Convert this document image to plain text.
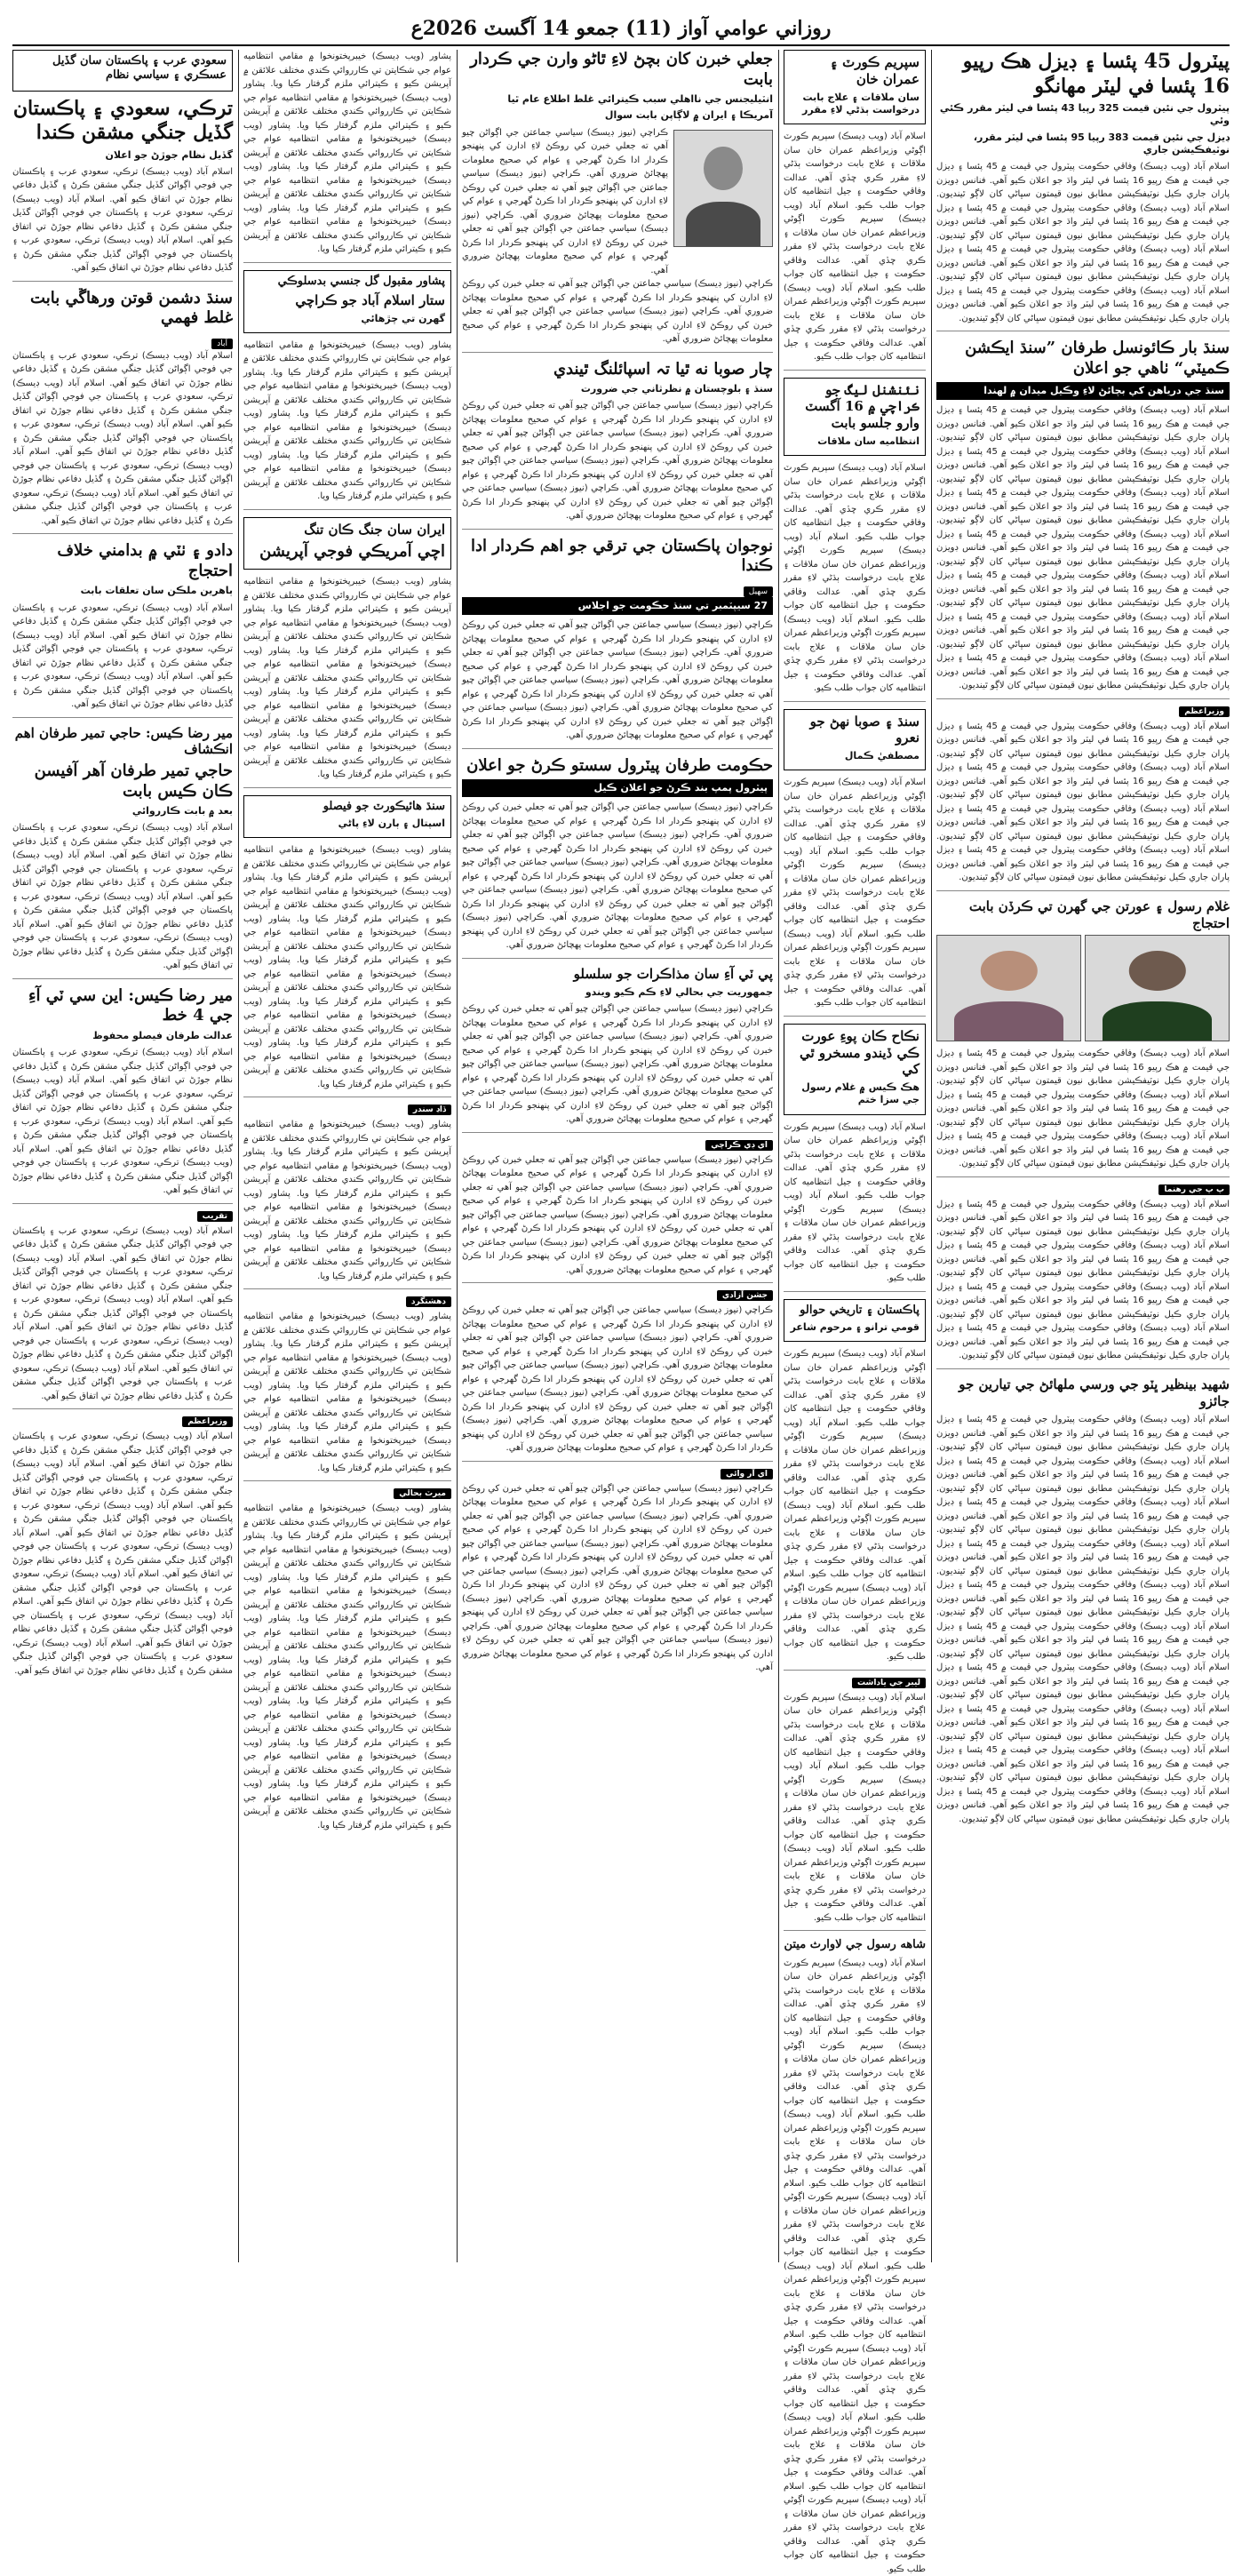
روزاني عوامي آواز (11) جمعو 14 آگسٽ 2026ع
سعودي عرب ۽ پاڪستان سان گڏيل عسڪري ۽ سياسي نظام
ترڪي، سعودي ۽ پاڪستان گڏيل جنگي مشقن ڪندا
گڏيل نظام جوڙڻ جو اعلان
اسلام آباد (ويب ڊيسڪ) ترڪي، سعودي عرب ۽ پاڪستان جي فوجي اڳواڻن گڏيل جنگي مشقن ڪرڻ ۽ گڏيل دفاعي نظام جوڙڻ تي اتفاق ڪيو آهي. اسلام آباد (ويب ڊيسڪ) ترڪي، سعودي عرب ۽ پاڪستان جي فوجي اڳواڻن گڏيل جنگي مشقن ڪرڻ ۽ گڏيل دفاعي نظام جوڙڻ تي اتفاق ڪيو آهي. اسلام آباد (ويب ڊيسڪ) ترڪي، سعودي عرب ۽ پاڪستان جي فوجي اڳواڻن گڏيل جنگي مشقن ڪرڻ ۽ گڏيل دفاعي نظام جوڙڻ تي اتفاق ڪيو آهي.
سنڌ دشمن قوتن ورهاڱي بابت غلط فهمي
آباد
اسلام آباد (ويب ڊيسڪ) ترڪي، سعودي عرب ۽ پاڪستان جي فوجي اڳواڻن گڏيل جنگي مشقن ڪرڻ ۽ گڏيل دفاعي نظام جوڙڻ تي اتفاق ڪيو آهي. اسلام آباد (ويب ڊيسڪ) ترڪي، سعودي عرب ۽ پاڪستان جي فوجي اڳواڻن گڏيل جنگي مشقن ڪرڻ ۽ گڏيل دفاعي نظام جوڙڻ تي اتفاق ڪيو آهي. اسلام آباد (ويب ڊيسڪ) ترڪي، سعودي عرب ۽ پاڪستان جي فوجي اڳواڻن گڏيل جنگي مشقن ڪرڻ ۽ گڏيل دفاعي نظام جوڙڻ تي اتفاق ڪيو آهي. اسلام آباد (ويب ڊيسڪ) ترڪي، سعودي عرب ۽ پاڪستان جي فوجي اڳواڻن گڏيل جنگي مشقن ڪرڻ ۽ گڏيل دفاعي نظام جوڙڻ تي اتفاق ڪيو آهي. اسلام آباد (ويب ڊيسڪ) ترڪي، سعودي عرب ۽ پاڪستان جي فوجي اڳواڻن گڏيل جنگي مشقن ڪرڻ ۽ گڏيل دفاعي نظام جوڙڻ تي اتفاق ڪيو آهي.
دادو ۽ ٺٽي ۾ بدامني خلاف احتجاج
ٻاهرين ملڪن سان تعلقات بابت
اسلام آباد (ويب ڊيسڪ) ترڪي، سعودي عرب ۽ پاڪستان جي فوجي اڳواڻن گڏيل جنگي مشقن ڪرڻ ۽ گڏيل دفاعي نظام جوڙڻ تي اتفاق ڪيو آهي. اسلام آباد (ويب ڊيسڪ) ترڪي، سعودي عرب ۽ پاڪستان جي فوجي اڳواڻن گڏيل جنگي مشقن ڪرڻ ۽ گڏيل دفاعي نظام جوڙڻ تي اتفاق ڪيو آهي. اسلام آباد (ويب ڊيسڪ) ترڪي، سعودي عرب ۽ پاڪستان جي فوجي اڳواڻن گڏيل جنگي مشقن ڪرڻ ۽ گڏيل دفاعي نظام جوڙڻ تي اتفاق ڪيو آهي.
مير رضا ڪيس: حاجي تمير طرفان اهم انڪشاف
حاجي تمير طرفان آهر آفيسن ڪان ڪيس بابت
بعد ۾ بابت ڪارروائي
اسلام آباد (ويب ڊيسڪ) ترڪي، سعودي عرب ۽ پاڪستان جي فوجي اڳواڻن گڏيل جنگي مشقن ڪرڻ ۽ گڏيل دفاعي نظام جوڙڻ تي اتفاق ڪيو آهي. اسلام آباد (ويب ڊيسڪ) ترڪي، سعودي عرب ۽ پاڪستان جي فوجي اڳواڻن گڏيل جنگي مشقن ڪرڻ ۽ گڏيل دفاعي نظام جوڙڻ تي اتفاق ڪيو آهي. اسلام آباد (ويب ڊيسڪ) ترڪي، سعودي عرب ۽ پاڪستان جي فوجي اڳواڻن گڏيل جنگي مشقن ڪرڻ ۽ گڏيل دفاعي نظام جوڙڻ تي اتفاق ڪيو آهي. اسلام آباد (ويب ڊيسڪ) ترڪي، سعودي عرب ۽ پاڪستان جي فوجي اڳواڻن گڏيل جنگي مشقن ڪرڻ ۽ گڏيل دفاعي نظام جوڙڻ تي اتفاق ڪيو آهي.
مير رضا ڪيس: اين سي ٽي آءِ جي 4 خط
عدالت طرفان فيصلو محفوظ
اسلام آباد (ويب ڊيسڪ) ترڪي، سعودي عرب ۽ پاڪستان جي فوجي اڳواڻن گڏيل جنگي مشقن ڪرڻ ۽ گڏيل دفاعي نظام جوڙڻ تي اتفاق ڪيو آهي. اسلام آباد (ويب ڊيسڪ) ترڪي، سعودي عرب ۽ پاڪستان جي فوجي اڳواڻن گڏيل جنگي مشقن ڪرڻ ۽ گڏيل دفاعي نظام جوڙڻ تي اتفاق ڪيو آهي. اسلام آباد (ويب ڊيسڪ) ترڪي، سعودي عرب ۽ پاڪستان جي فوجي اڳواڻن گڏيل جنگي مشقن ڪرڻ ۽ گڏيل دفاعي نظام جوڙڻ تي اتفاق ڪيو آهي. اسلام آباد (ويب ڊيسڪ) ترڪي، سعودي عرب ۽ پاڪستان جي فوجي اڳواڻن گڏيل جنگي مشقن ڪرڻ ۽ گڏيل دفاعي نظام جوڙڻ تي اتفاق ڪيو آهي.
تقريب
اسلام آباد (ويب ڊيسڪ) ترڪي، سعودي عرب ۽ پاڪستان جي فوجي اڳواڻن گڏيل جنگي مشقن ڪرڻ ۽ گڏيل دفاعي نظام جوڙڻ تي اتفاق ڪيو آهي. اسلام آباد (ويب ڊيسڪ) ترڪي، سعودي عرب ۽ پاڪستان جي فوجي اڳواڻن گڏيل جنگي مشقن ڪرڻ ۽ گڏيل دفاعي نظام جوڙڻ تي اتفاق ڪيو آهي. اسلام آباد (ويب ڊيسڪ) ترڪي، سعودي عرب ۽ پاڪستان جي فوجي اڳواڻن گڏيل جنگي مشقن ڪرڻ ۽ گڏيل دفاعي نظام جوڙڻ تي اتفاق ڪيو آهي. اسلام آباد (ويب ڊيسڪ) ترڪي، سعودي عرب ۽ پاڪستان جي فوجي اڳواڻن گڏيل جنگي مشقن ڪرڻ ۽ گڏيل دفاعي نظام جوڙڻ تي اتفاق ڪيو آهي. اسلام آباد (ويب ڊيسڪ) ترڪي، سعودي عرب ۽ پاڪستان جي فوجي اڳواڻن گڏيل جنگي مشقن ڪرڻ ۽ گڏيل دفاعي نظام جوڙڻ تي اتفاق ڪيو آهي.
وزيراعظم
اسلام آباد (ويب ڊيسڪ) ترڪي، سعودي عرب ۽ پاڪستان جي فوجي اڳواڻن گڏيل جنگي مشقن ڪرڻ ۽ گڏيل دفاعي نظام جوڙڻ تي اتفاق ڪيو آهي. اسلام آباد (ويب ڊيسڪ) ترڪي، سعودي عرب ۽ پاڪستان جي فوجي اڳواڻن گڏيل جنگي مشقن ڪرڻ ۽ گڏيل دفاعي نظام جوڙڻ تي اتفاق ڪيو آهي. اسلام آباد (ويب ڊيسڪ) ترڪي، سعودي عرب ۽ پاڪستان جي فوجي اڳواڻن گڏيل جنگي مشقن ڪرڻ ۽ گڏيل دفاعي نظام جوڙڻ تي اتفاق ڪيو آهي. اسلام آباد (ويب ڊيسڪ) ترڪي، سعودي عرب ۽ پاڪستان جي فوجي اڳواڻن گڏيل جنگي مشقن ڪرڻ ۽ گڏيل دفاعي نظام جوڙڻ تي اتفاق ڪيو آهي. اسلام آباد (ويب ڊيسڪ) ترڪي، سعودي عرب ۽ پاڪستان جي فوجي اڳواڻن گڏيل جنگي مشقن ڪرڻ ۽ گڏيل دفاعي نظام جوڙڻ تي اتفاق ڪيو آهي. اسلام آباد (ويب ڊيسڪ) ترڪي، سعودي عرب ۽ پاڪستان جي فوجي اڳواڻن گڏيل جنگي مشقن ڪرڻ ۽ گڏيل دفاعي نظام جوڙڻ تي اتفاق ڪيو آهي. اسلام آباد (ويب ڊيسڪ) ترڪي، سعودي عرب ۽ پاڪستان جي فوجي اڳواڻن گڏيل جنگي مشقن ڪرڻ ۽ گڏيل دفاعي نظام جوڙڻ تي اتفاق ڪيو آهي.
پشاور (ويب ڊيسڪ) خيبرپختونخوا ۾ مقامي انتظاميه عوام جي شڪايتن تي ڪارروائي ڪندي مختلف علائقن ۾ آپريشن ڪيو ۽ ڪيترائي ملزم گرفتار ڪيا ويا. پشاور (ويب ڊيسڪ) خيبرپختونخوا ۾ مقامي انتظاميه عوام جي شڪايتن تي ڪارروائي ڪندي مختلف علائقن ۾ آپريشن ڪيو ۽ ڪيترائي ملزم گرفتار ڪيا ويا. پشاور (ويب ڊيسڪ) خيبرپختونخوا ۾ مقامي انتظاميه عوام جي شڪايتن تي ڪارروائي ڪندي مختلف علائقن ۾ آپريشن ڪيو ۽ ڪيترائي ملزم گرفتار ڪيا ويا. پشاور (ويب ڊيسڪ) خيبرپختونخوا ۾ مقامي انتظاميه عوام جي شڪايتن تي ڪارروائي ڪندي مختلف علائقن ۾ آپريشن ڪيو ۽ ڪيترائي ملزم گرفتار ڪيا ويا. پشاور (ويب ڊيسڪ) خيبرپختونخوا ۾ مقامي انتظاميه عوام جي شڪايتن تي ڪارروائي ڪندي مختلف علائقن ۾ آپريشن ڪيو ۽ ڪيترائي ملزم گرفتار ڪيا ويا.
پشاور مقبول گل جنسي بدسلوڪي
ستار اسلام آباد جو ڪراچي
گهرن تي چڙهائي
پشاور (ويب ڊيسڪ) خيبرپختونخوا ۾ مقامي انتظاميه عوام جي شڪايتن تي ڪارروائي ڪندي مختلف علائقن ۾ آپريشن ڪيو ۽ ڪيترائي ملزم گرفتار ڪيا ويا. پشاور (ويب ڊيسڪ) خيبرپختونخوا ۾ مقامي انتظاميه عوام جي شڪايتن تي ڪارروائي ڪندي مختلف علائقن ۾ آپريشن ڪيو ۽ ڪيترائي ملزم گرفتار ڪيا ويا. پشاور (ويب ڊيسڪ) خيبرپختونخوا ۾ مقامي انتظاميه عوام جي شڪايتن تي ڪارروائي ڪندي مختلف علائقن ۾ آپريشن ڪيو ۽ ڪيترائي ملزم گرفتار ڪيا ويا. پشاور (ويب ڊيسڪ) خيبرپختونخوا ۾ مقامي انتظاميه عوام جي شڪايتن تي ڪارروائي ڪندي مختلف علائقن ۾ آپريشن ڪيو ۽ ڪيترائي ملزم گرفتار ڪيا ويا.
ايران سان جنگ ڪان تنگ
اچي آمريڪي فوجي آپريشن
پشاور (ويب ڊيسڪ) خيبرپختونخوا ۾ مقامي انتظاميه عوام جي شڪايتن تي ڪارروائي ڪندي مختلف علائقن ۾ آپريشن ڪيو ۽ ڪيترائي ملزم گرفتار ڪيا ويا. پشاور (ويب ڊيسڪ) خيبرپختونخوا ۾ مقامي انتظاميه عوام جي شڪايتن تي ڪارروائي ڪندي مختلف علائقن ۾ آپريشن ڪيو ۽ ڪيترائي ملزم گرفتار ڪيا ويا. پشاور (ويب ڊيسڪ) خيبرپختونخوا ۾ مقامي انتظاميه عوام جي شڪايتن تي ڪارروائي ڪندي مختلف علائقن ۾ آپريشن ڪيو ۽ ڪيترائي ملزم گرفتار ڪيا ويا. پشاور (ويب ڊيسڪ) خيبرپختونخوا ۾ مقامي انتظاميه عوام جي شڪايتن تي ڪارروائي ڪندي مختلف علائقن ۾ آپريشن ڪيو ۽ ڪيترائي ملزم گرفتار ڪيا ويا. پشاور (ويب ڊيسڪ) خيبرپختونخوا ۾ مقامي انتظاميه عوام جي شڪايتن تي ڪارروائي ڪندي مختلف علائقن ۾ آپريشن ڪيو ۽ ڪيترائي ملزم گرفتار ڪيا ويا.
سنڌ هائيڪورٽ جو فيصلو
اسپتال ۽ ٻارن لاءِ پاڻي
پشاور (ويب ڊيسڪ) خيبرپختونخوا ۾ مقامي انتظاميه عوام جي شڪايتن تي ڪارروائي ڪندي مختلف علائقن ۾ آپريشن ڪيو ۽ ڪيترائي ملزم گرفتار ڪيا ويا. پشاور (ويب ڊيسڪ) خيبرپختونخوا ۾ مقامي انتظاميه عوام جي شڪايتن تي ڪارروائي ڪندي مختلف علائقن ۾ آپريشن ڪيو ۽ ڪيترائي ملزم گرفتار ڪيا ويا. پشاور (ويب ڊيسڪ) خيبرپختونخوا ۾ مقامي انتظاميه عوام جي شڪايتن تي ڪارروائي ڪندي مختلف علائقن ۾ آپريشن ڪيو ۽ ڪيترائي ملزم گرفتار ڪيا ويا. پشاور (ويب ڊيسڪ) خيبرپختونخوا ۾ مقامي انتظاميه عوام جي شڪايتن تي ڪارروائي ڪندي مختلف علائقن ۾ آپريشن ڪيو ۽ ڪيترائي ملزم گرفتار ڪيا ويا. پشاور (ويب ڊيسڪ) خيبرپختونخوا ۾ مقامي انتظاميه عوام جي شڪايتن تي ڪارروائي ڪندي مختلف علائقن ۾ آپريشن ڪيو ۽ ڪيترائي ملزم گرفتار ڪيا ويا. پشاور (ويب ڊيسڪ) خيبرپختونخوا ۾ مقامي انتظاميه عوام جي شڪايتن تي ڪارروائي ڪندي مختلف علائقن ۾ آپريشن ڪيو ۽ ڪيترائي ملزم گرفتار ڪيا ويا.
ڏاڍ سندر
پشاور (ويب ڊيسڪ) خيبرپختونخوا ۾ مقامي انتظاميه عوام جي شڪايتن تي ڪارروائي ڪندي مختلف علائقن ۾ آپريشن ڪيو ۽ ڪيترائي ملزم گرفتار ڪيا ويا. پشاور (ويب ڊيسڪ) خيبرپختونخوا ۾ مقامي انتظاميه عوام جي شڪايتن تي ڪارروائي ڪندي مختلف علائقن ۾ آپريشن ڪيو ۽ ڪيترائي ملزم گرفتار ڪيا ويا. پشاور (ويب ڊيسڪ) خيبرپختونخوا ۾ مقامي انتظاميه عوام جي شڪايتن تي ڪارروائي ڪندي مختلف علائقن ۾ آپريشن ڪيو ۽ ڪيترائي ملزم گرفتار ڪيا ويا. پشاور (ويب ڊيسڪ) خيبرپختونخوا ۾ مقامي انتظاميه عوام جي شڪايتن تي ڪارروائي ڪندي مختلف علائقن ۾ آپريشن ڪيو ۽ ڪيترائي ملزم گرفتار ڪيا ويا.
دهشتگرد
پشاور (ويب ڊيسڪ) خيبرپختونخوا ۾ مقامي انتظاميه عوام جي شڪايتن تي ڪارروائي ڪندي مختلف علائقن ۾ آپريشن ڪيو ۽ ڪيترائي ملزم گرفتار ڪيا ويا. پشاور (ويب ڊيسڪ) خيبرپختونخوا ۾ مقامي انتظاميه عوام جي شڪايتن تي ڪارروائي ڪندي مختلف علائقن ۾ آپريشن ڪيو ۽ ڪيترائي ملزم گرفتار ڪيا ويا. پشاور (ويب ڊيسڪ) خيبرپختونخوا ۾ مقامي انتظاميه عوام جي شڪايتن تي ڪارروائي ڪندي مختلف علائقن ۾ آپريشن ڪيو ۽ ڪيترائي ملزم گرفتار ڪيا ويا. پشاور (ويب ڊيسڪ) خيبرپختونخوا ۾ مقامي انتظاميه عوام جي شڪايتن تي ڪارروائي ڪندي مختلف علائقن ۾ آپريشن ڪيو ۽ ڪيترائي ملزم گرفتار ڪيا ويا.
ميرٽ بحالي
پشاور (ويب ڊيسڪ) خيبرپختونخوا ۾ مقامي انتظاميه عوام جي شڪايتن تي ڪارروائي ڪندي مختلف علائقن ۾ آپريشن ڪيو ۽ ڪيترائي ملزم گرفتار ڪيا ويا. پشاور (ويب ڊيسڪ) خيبرپختونخوا ۾ مقامي انتظاميه عوام جي شڪايتن تي ڪارروائي ڪندي مختلف علائقن ۾ آپريشن ڪيو ۽ ڪيترائي ملزم گرفتار ڪيا ويا. پشاور (ويب ڊيسڪ) خيبرپختونخوا ۾ مقامي انتظاميه عوام جي شڪايتن تي ڪارروائي ڪندي مختلف علائقن ۾ آپريشن ڪيو ۽ ڪيترائي ملزم گرفتار ڪيا ويا. پشاور (ويب ڊيسڪ) خيبرپختونخوا ۾ مقامي انتظاميه عوام جي شڪايتن تي ڪارروائي ڪندي مختلف علائقن ۾ آپريشن ڪيو ۽ ڪيترائي ملزم گرفتار ڪيا ويا. پشاور (ويب ڊيسڪ) خيبرپختونخوا ۾ مقامي انتظاميه عوام جي شڪايتن تي ڪارروائي ڪندي مختلف علائقن ۾ آپريشن ڪيو ۽ ڪيترائي ملزم گرفتار ڪيا ويا. پشاور (ويب ڊيسڪ) خيبرپختونخوا ۾ مقامي انتظاميه عوام جي شڪايتن تي ڪارروائي ڪندي مختلف علائقن ۾ آپريشن ڪيو ۽ ڪيترائي ملزم گرفتار ڪيا ويا. پشاور (ويب ڊيسڪ) خيبرپختونخوا ۾ مقامي انتظاميه عوام جي شڪايتن تي ڪارروائي ڪندي مختلف علائقن ۾ آپريشن ڪيو ۽ ڪيترائي ملزم گرفتار ڪيا ويا. پشاور (ويب ڊيسڪ) خيبرپختونخوا ۾ مقامي انتظاميه عوام جي شڪايتن تي ڪارروائي ڪندي مختلف علائقن ۾ آپريشن ڪيو ۽ ڪيترائي ملزم گرفتار ڪيا ويا.
جعلي خبرن کان بچڻ لاءِ ٿاڻو وارن جي ڪردار بابت
انٽيليجنس جي نااهلي سبب ڪيترائي غلط اطلاع عام ٿيا
آمريڪا ۽ ايران ۾ لاڳاپن بابت سوال
ڪراچي (نيوز ڊيسڪ) سياسي جماعتن جي اڳواڻن چيو آهي ته جعلي خبرن کي روڪڻ لاءِ ادارن کي پنهنجو ڪردار ادا ڪرڻ گهرجي ۽ عوام کي صحيح معلومات پهچائڻ ضروري آهي. ڪراچي (نيوز ڊيسڪ) سياسي جماعتن جي اڳواڻن چيو آهي ته جعلي خبرن کي روڪڻ لاءِ ادارن کي پنهنجو ڪردار ادا ڪرڻ گهرجي ۽ عوام کي صحيح معلومات پهچائڻ ضروري آهي. ڪراچي (نيوز ڊيسڪ) سياسي جماعتن جي اڳواڻن چيو آهي ته جعلي خبرن کي روڪڻ لاءِ ادارن کي پنهنجو ڪردار ادا ڪرڻ گهرجي ۽ عوام کي صحيح معلومات پهچائڻ ضروري آهي.
ڪراچي (نيوز ڊيسڪ) سياسي جماعتن جي اڳواڻن چيو آهي ته جعلي خبرن کي روڪڻ لاءِ ادارن کي پنهنجو ڪردار ادا ڪرڻ گهرجي ۽ عوام کي صحيح معلومات پهچائڻ ضروري آهي. ڪراچي (نيوز ڊيسڪ) سياسي جماعتن جي اڳواڻن چيو آهي ته جعلي خبرن کي روڪڻ لاءِ ادارن کي پنهنجو ڪردار ادا ڪرڻ گهرجي ۽ عوام کي صحيح معلومات پهچائڻ ضروري آهي.
چار صوبا نه ٿيا تہ اسپائلنگ ٿيندي
سنڌ ۽ بلوچستان ۾ نظرثاني جي ضرورت
ڪراچي (نيوز ڊيسڪ) سياسي جماعتن جي اڳواڻن چيو آهي ته جعلي خبرن کي روڪڻ لاءِ ادارن کي پنهنجو ڪردار ادا ڪرڻ گهرجي ۽ عوام کي صحيح معلومات پهچائڻ ضروري آهي. ڪراچي (نيوز ڊيسڪ) سياسي جماعتن جي اڳواڻن چيو آهي ته جعلي خبرن کي روڪڻ لاءِ ادارن کي پنهنجو ڪردار ادا ڪرڻ گهرجي ۽ عوام کي صحيح معلومات پهچائڻ ضروري آهي. ڪراچي (نيوز ڊيسڪ) سياسي جماعتن جي اڳواڻن چيو آهي ته جعلي خبرن کي روڪڻ لاءِ ادارن کي پنهنجو ڪردار ادا ڪرڻ گهرجي ۽ عوام کي صحيح معلومات پهچائڻ ضروري آهي. ڪراچي (نيوز ڊيسڪ) سياسي جماعتن جي اڳواڻن چيو آهي ته جعلي خبرن کي روڪڻ لاءِ ادارن کي پنهنجو ڪردار ادا ڪرڻ گهرجي ۽ عوام کي صحيح معلومات پهچائڻ ضروري آهي.
نوجوان پاڪستان جي ترقي جو اهم ڪردار ادا ڪندا
سهيل
27 سيپٽمبر تي سنڌ حڪومت جو اجلاس
ڪراچي (نيوز ڊيسڪ) سياسي جماعتن جي اڳواڻن چيو آهي ته جعلي خبرن کي روڪڻ لاءِ ادارن کي پنهنجو ڪردار ادا ڪرڻ گهرجي ۽ عوام کي صحيح معلومات پهچائڻ ضروري آهي. ڪراچي (نيوز ڊيسڪ) سياسي جماعتن جي اڳواڻن چيو آهي ته جعلي خبرن کي روڪڻ لاءِ ادارن کي پنهنجو ڪردار ادا ڪرڻ گهرجي ۽ عوام کي صحيح معلومات پهچائڻ ضروري آهي. ڪراچي (نيوز ڊيسڪ) سياسي جماعتن جي اڳواڻن چيو آهي ته جعلي خبرن کي روڪڻ لاءِ ادارن کي پنهنجو ڪردار ادا ڪرڻ گهرجي ۽ عوام کي صحيح معلومات پهچائڻ ضروري آهي. ڪراچي (نيوز ڊيسڪ) سياسي جماعتن جي اڳواڻن چيو آهي ته جعلي خبرن کي روڪڻ لاءِ ادارن کي پنهنجو ڪردار ادا ڪرڻ گهرجي ۽ عوام کي صحيح معلومات پهچائڻ ضروري آهي.
حڪومت طرفان پيٽرول سستو ڪرڻ جو اعلان
پيٽرول پمپ بند ڪرڻ جو اعلان ڪيل
ڪراچي (نيوز ڊيسڪ) سياسي جماعتن جي اڳواڻن چيو آهي ته جعلي خبرن کي روڪڻ لاءِ ادارن کي پنهنجو ڪردار ادا ڪرڻ گهرجي ۽ عوام کي صحيح معلومات پهچائڻ ضروري آهي. ڪراچي (نيوز ڊيسڪ) سياسي جماعتن جي اڳواڻن چيو آهي ته جعلي خبرن کي روڪڻ لاءِ ادارن کي پنهنجو ڪردار ادا ڪرڻ گهرجي ۽ عوام کي صحيح معلومات پهچائڻ ضروري آهي. ڪراچي (نيوز ڊيسڪ) سياسي جماعتن جي اڳواڻن چيو آهي ته جعلي خبرن کي روڪڻ لاءِ ادارن کي پنهنجو ڪردار ادا ڪرڻ گهرجي ۽ عوام کي صحيح معلومات پهچائڻ ضروري آهي. ڪراچي (نيوز ڊيسڪ) سياسي جماعتن جي اڳواڻن چيو آهي ته جعلي خبرن کي روڪڻ لاءِ ادارن کي پنهنجو ڪردار ادا ڪرڻ گهرجي ۽ عوام کي صحيح معلومات پهچائڻ ضروري آهي. ڪراچي (نيوز ڊيسڪ) سياسي جماعتن جي اڳواڻن چيو آهي ته جعلي خبرن کي روڪڻ لاءِ ادارن کي پنهنجو ڪردار ادا ڪرڻ گهرجي ۽ عوام کي صحيح معلومات پهچائڻ ضروري آهي.
پي ٽي آءِ سان مذاڪرات جو سلسلو
جمهوريت جي بحالي لاءِ ڪم ڪيو ويندو
ڪراچي (نيوز ڊيسڪ) سياسي جماعتن جي اڳواڻن چيو آهي ته جعلي خبرن کي روڪڻ لاءِ ادارن کي پنهنجو ڪردار ادا ڪرڻ گهرجي ۽ عوام کي صحيح معلومات پهچائڻ ضروري آهي. ڪراچي (نيوز ڊيسڪ) سياسي جماعتن جي اڳواڻن چيو آهي ته جعلي خبرن کي روڪڻ لاءِ ادارن کي پنهنجو ڪردار ادا ڪرڻ گهرجي ۽ عوام کي صحيح معلومات پهچائڻ ضروري آهي. ڪراچي (نيوز ڊيسڪ) سياسي جماعتن جي اڳواڻن چيو آهي ته جعلي خبرن کي روڪڻ لاءِ ادارن کي پنهنجو ڪردار ادا ڪرڻ گهرجي ۽ عوام کي صحيح معلومات پهچائڻ ضروري آهي. ڪراچي (نيوز ڊيسڪ) سياسي جماعتن جي اڳواڻن چيو آهي ته جعلي خبرن کي روڪڻ لاءِ ادارن کي پنهنجو ڪردار ادا ڪرڻ گهرجي ۽ عوام کي صحيح معلومات پهچائڻ ضروري آهي.
اي ڊي ڪراچي
ڪراچي (نيوز ڊيسڪ) سياسي جماعتن جي اڳواڻن چيو آهي ته جعلي خبرن کي روڪڻ لاءِ ادارن کي پنهنجو ڪردار ادا ڪرڻ گهرجي ۽ عوام کي صحيح معلومات پهچائڻ ضروري آهي. ڪراچي (نيوز ڊيسڪ) سياسي جماعتن جي اڳواڻن چيو آهي ته جعلي خبرن کي روڪڻ لاءِ ادارن کي پنهنجو ڪردار ادا ڪرڻ گهرجي ۽ عوام کي صحيح معلومات پهچائڻ ضروري آهي. ڪراچي (نيوز ڊيسڪ) سياسي جماعتن جي اڳواڻن چيو آهي ته جعلي خبرن کي روڪڻ لاءِ ادارن کي پنهنجو ڪردار ادا ڪرڻ گهرجي ۽ عوام کي صحيح معلومات پهچائڻ ضروري آهي. ڪراچي (نيوز ڊيسڪ) سياسي جماعتن جي اڳواڻن چيو آهي ته جعلي خبرن کي روڪڻ لاءِ ادارن کي پنهنجو ڪردار ادا ڪرڻ گهرجي ۽ عوام کي صحيح معلومات پهچائڻ ضروري آهي.
جشن آزادي
ڪراچي (نيوز ڊيسڪ) سياسي جماعتن جي اڳواڻن چيو آهي ته جعلي خبرن کي روڪڻ لاءِ ادارن کي پنهنجو ڪردار ادا ڪرڻ گهرجي ۽ عوام کي صحيح معلومات پهچائڻ ضروري آهي. ڪراچي (نيوز ڊيسڪ) سياسي جماعتن جي اڳواڻن چيو آهي ته جعلي خبرن کي روڪڻ لاءِ ادارن کي پنهنجو ڪردار ادا ڪرڻ گهرجي ۽ عوام کي صحيح معلومات پهچائڻ ضروري آهي. ڪراچي (نيوز ڊيسڪ) سياسي جماعتن جي اڳواڻن چيو آهي ته جعلي خبرن کي روڪڻ لاءِ ادارن کي پنهنجو ڪردار ادا ڪرڻ گهرجي ۽ عوام کي صحيح معلومات پهچائڻ ضروري آهي. ڪراچي (نيوز ڊيسڪ) سياسي جماعتن جي اڳواڻن چيو آهي ته جعلي خبرن کي روڪڻ لاءِ ادارن کي پنهنجو ڪردار ادا ڪرڻ گهرجي ۽ عوام کي صحيح معلومات پهچائڻ ضروري آهي. ڪراچي (نيوز ڊيسڪ) سياسي جماعتن جي اڳواڻن چيو آهي ته جعلي خبرن کي روڪڻ لاءِ ادارن کي پنهنجو ڪردار ادا ڪرڻ گهرجي ۽ عوام کي صحيح معلومات پهچائڻ ضروري آهي.
اي آر وائي
ڪراچي (نيوز ڊيسڪ) سياسي جماعتن جي اڳواڻن چيو آهي ته جعلي خبرن کي روڪڻ لاءِ ادارن کي پنهنجو ڪردار ادا ڪرڻ گهرجي ۽ عوام کي صحيح معلومات پهچائڻ ضروري آهي. ڪراچي (نيوز ڊيسڪ) سياسي جماعتن جي اڳواڻن چيو آهي ته جعلي خبرن کي روڪڻ لاءِ ادارن کي پنهنجو ڪردار ادا ڪرڻ گهرجي ۽ عوام کي صحيح معلومات پهچائڻ ضروري آهي. ڪراچي (نيوز ڊيسڪ) سياسي جماعتن جي اڳواڻن چيو آهي ته جعلي خبرن کي روڪڻ لاءِ ادارن کي پنهنجو ڪردار ادا ڪرڻ گهرجي ۽ عوام کي صحيح معلومات پهچائڻ ضروري آهي. ڪراچي (نيوز ڊيسڪ) سياسي جماعتن جي اڳواڻن چيو آهي ته جعلي خبرن کي روڪڻ لاءِ ادارن کي پنهنجو ڪردار ادا ڪرڻ گهرجي ۽ عوام کي صحيح معلومات پهچائڻ ضروري آهي. ڪراچي (نيوز ڊيسڪ) سياسي جماعتن جي اڳواڻن چيو آهي ته جعلي خبرن کي روڪڻ لاءِ ادارن کي پنهنجو ڪردار ادا ڪرڻ گهرجي ۽ عوام کي صحيح معلومات پهچائڻ ضروري آهي. ڪراچي (نيوز ڊيسڪ) سياسي جماعتن جي اڳواڻن چيو آهي ته جعلي خبرن کي روڪڻ لاءِ ادارن کي پنهنجو ڪردار ادا ڪرڻ گهرجي ۽ عوام کي صحيح معلومات پهچائڻ ضروري آهي.
سپريم ڪورٽ ۽ عمران خان
سان ملاقات ۽ علاج بابت درخواست ٻڌڻي لاءِ مقرر
اسلام آباد (ويب ڊيسڪ) سپريم ڪورٽ اڳوڻي وزيراعظم عمران خان سان ملاقات ۽ علاج بابت درخواست ٻڌڻي لاءِ مقرر ڪري ڇڏي آهي. عدالت وفاقي حڪومت ۽ جيل انتظاميه کان جواب طلب ڪيو. اسلام آباد (ويب ڊيسڪ) سپريم ڪورٽ اڳوڻي وزيراعظم عمران خان سان ملاقات ۽ علاج بابت درخواست ٻڌڻي لاءِ مقرر ڪري ڇڏي آهي. عدالت وفاقي حڪومت ۽ جيل انتظاميه کان جواب طلب ڪيو. اسلام آباد (ويب ڊيسڪ) سپريم ڪورٽ اڳوڻي وزيراعظم عمران خان سان ملاقات ۽ علاج بابت درخواست ٻڌڻي لاءِ مقرر ڪري ڇڏي آهي. عدالت وفاقي حڪومت ۽ جيل انتظاميه کان جواب طلب ڪيو.
نئنشنل ليگ جو ڪراچي ۾ 16 آگسٽ وارو جلسو بابت
انتظاميه سان ملاقات
اسلام آباد (ويب ڊيسڪ) سپريم ڪورٽ اڳوڻي وزيراعظم عمران خان سان ملاقات ۽ علاج بابت درخواست ٻڌڻي لاءِ مقرر ڪري ڇڏي آهي. عدالت وفاقي حڪومت ۽ جيل انتظاميه کان جواب طلب ڪيو. اسلام آباد (ويب ڊيسڪ) سپريم ڪورٽ اڳوڻي وزيراعظم عمران خان سان ملاقات ۽ علاج بابت درخواست ٻڌڻي لاءِ مقرر ڪري ڇڏي آهي. عدالت وفاقي حڪومت ۽ جيل انتظاميه کان جواب طلب ڪيو. اسلام آباد (ويب ڊيسڪ) سپريم ڪورٽ اڳوڻي وزيراعظم عمران خان سان ملاقات ۽ علاج بابت درخواست ٻڌڻي لاءِ مقرر ڪري ڇڏي آهي. عدالت وفاقي حڪومت ۽ جيل انتظاميه کان جواب طلب ڪيو.
سنڌ ۽ صوبا نهڻ جو نعرو
مصطفيٰ ڪمال
اسلام آباد (ويب ڊيسڪ) سپريم ڪورٽ اڳوڻي وزيراعظم عمران خان سان ملاقات ۽ علاج بابت درخواست ٻڌڻي لاءِ مقرر ڪري ڇڏي آهي. عدالت وفاقي حڪومت ۽ جيل انتظاميه کان جواب طلب ڪيو. اسلام آباد (ويب ڊيسڪ) سپريم ڪورٽ اڳوڻي وزيراعظم عمران خان سان ملاقات ۽ علاج بابت درخواست ٻڌڻي لاءِ مقرر ڪري ڇڏي آهي. عدالت وفاقي حڪومت ۽ جيل انتظاميه کان جواب طلب ڪيو. اسلام آباد (ويب ڊيسڪ) سپريم ڪورٽ اڳوڻي وزيراعظم عمران خان سان ملاقات ۽ علاج بابت درخواست ٻڌڻي لاءِ مقرر ڪري ڇڏي آهي. عدالت وفاقي حڪومت ۽ جيل انتظاميه کان جواب طلب ڪيو.
نڪاح ڪان پوءِ عورت ڪي ڏيندو مسخرو ٿي کي
هڪ ڪيس ۾ غلام رسول جي سزا ختم
اسلام آباد (ويب ڊيسڪ) سپريم ڪورٽ اڳوڻي وزيراعظم عمران خان سان ملاقات ۽ علاج بابت درخواست ٻڌڻي لاءِ مقرر ڪري ڇڏي آهي. عدالت وفاقي حڪومت ۽ جيل انتظاميه کان جواب طلب ڪيو. اسلام آباد (ويب ڊيسڪ) سپريم ڪورٽ اڳوڻي وزيراعظم عمران خان سان ملاقات ۽ علاج بابت درخواست ٻڌڻي لاءِ مقرر ڪري ڇڏي آهي. عدالت وفاقي حڪومت ۽ جيل انتظاميه کان جواب طلب ڪيو.
پاڪستان ۽ تاريخي حوالو
قومي ترانو ۽ مرحوم شاعر
اسلام آباد (ويب ڊيسڪ) سپريم ڪورٽ اڳوڻي وزيراعظم عمران خان سان ملاقات ۽ علاج بابت درخواست ٻڌڻي لاءِ مقرر ڪري ڇڏي آهي. عدالت وفاقي حڪومت ۽ جيل انتظاميه کان جواب طلب ڪيو. اسلام آباد (ويب ڊيسڪ) سپريم ڪورٽ اڳوڻي وزيراعظم عمران خان سان ملاقات ۽ علاج بابت درخواست ٻڌڻي لاءِ مقرر ڪري ڇڏي آهي. عدالت وفاقي حڪومت ۽ جيل انتظاميه کان جواب طلب ڪيو. اسلام آباد (ويب ڊيسڪ) سپريم ڪورٽ اڳوڻي وزيراعظم عمران خان سان ملاقات ۽ علاج بابت درخواست ٻڌڻي لاءِ مقرر ڪري ڇڏي آهي. عدالت وفاقي حڪومت ۽ جيل انتظاميه کان جواب طلب ڪيو. اسلام آباد (ويب ڊيسڪ) سپريم ڪورٽ اڳوڻي وزيراعظم عمران خان سان ملاقات ۽ علاج بابت درخواست ٻڌڻي لاءِ مقرر ڪري ڇڏي آهي. عدالت وفاقي حڪومت ۽ جيل انتظاميه کان جواب طلب ڪيو.
ليبر جي ياداشت
اسلام آباد (ويب ڊيسڪ) سپريم ڪورٽ اڳوڻي وزيراعظم عمران خان سان ملاقات ۽ علاج بابت درخواست ٻڌڻي لاءِ مقرر ڪري ڇڏي آهي. عدالت وفاقي حڪومت ۽ جيل انتظاميه کان جواب طلب ڪيو. اسلام آباد (ويب ڊيسڪ) سپريم ڪورٽ اڳوڻي وزيراعظم عمران خان سان ملاقات ۽ علاج بابت درخواست ٻڌڻي لاءِ مقرر ڪري ڇڏي آهي. عدالت وفاقي حڪومت ۽ جيل انتظاميه کان جواب طلب ڪيو. اسلام آباد (ويب ڊيسڪ) سپريم ڪورٽ اڳوڻي وزيراعظم عمران خان سان ملاقات ۽ علاج بابت درخواست ٻڌڻي لاءِ مقرر ڪري ڇڏي آهي. عدالت وفاقي حڪومت ۽ جيل انتظاميه کان جواب طلب ڪيو.
شاهه رسول جي لاوارث ميتن
اسلام آباد (ويب ڊيسڪ) سپريم ڪورٽ اڳوڻي وزيراعظم عمران خان سان ملاقات ۽ علاج بابت درخواست ٻڌڻي لاءِ مقرر ڪري ڇڏي آهي. عدالت وفاقي حڪومت ۽ جيل انتظاميه کان جواب طلب ڪيو. اسلام آباد (ويب ڊيسڪ) سپريم ڪورٽ اڳوڻي وزيراعظم عمران خان سان ملاقات ۽ علاج بابت درخواست ٻڌڻي لاءِ مقرر ڪري ڇڏي آهي. عدالت وفاقي حڪومت ۽ جيل انتظاميه کان جواب طلب ڪيو. اسلام آباد (ويب ڊيسڪ) سپريم ڪورٽ اڳوڻي وزيراعظم عمران خان سان ملاقات ۽ علاج بابت درخواست ٻڌڻي لاءِ مقرر ڪري ڇڏي آهي. عدالت وفاقي حڪومت ۽ جيل انتظاميه کان جواب طلب ڪيو. اسلام آباد (ويب ڊيسڪ) سپريم ڪورٽ اڳوڻي وزيراعظم عمران خان سان ملاقات ۽ علاج بابت درخواست ٻڌڻي لاءِ مقرر ڪري ڇڏي آهي. عدالت وفاقي حڪومت ۽ جيل انتظاميه کان جواب طلب ڪيو. اسلام آباد (ويب ڊيسڪ) سپريم ڪورٽ اڳوڻي وزيراعظم عمران خان سان ملاقات ۽ علاج بابت درخواست ٻڌڻي لاءِ مقرر ڪري ڇڏي آهي. عدالت وفاقي حڪومت ۽ جيل انتظاميه کان جواب طلب ڪيو. اسلام آباد (ويب ڊيسڪ) سپريم ڪورٽ اڳوڻي وزيراعظم عمران خان سان ملاقات ۽ علاج بابت درخواست ٻڌڻي لاءِ مقرر ڪري ڇڏي آهي. عدالت وفاقي حڪومت ۽ جيل انتظاميه کان جواب طلب ڪيو. اسلام آباد (ويب ڊيسڪ) سپريم ڪورٽ اڳوڻي وزيراعظم عمران خان سان ملاقات ۽ علاج بابت درخواست ٻڌڻي لاءِ مقرر ڪري ڇڏي آهي. عدالت وفاقي حڪومت ۽ جيل انتظاميه کان جواب طلب ڪيو. اسلام آباد (ويب ڊيسڪ) سپريم ڪورٽ اڳوڻي وزيراعظم عمران خان سان ملاقات ۽ علاج بابت درخواست ٻڌڻي لاءِ مقرر ڪري ڇڏي آهي. عدالت وفاقي حڪومت ۽ جيل انتظاميه کان جواب طلب ڪيو.
پيٽرول 45 پئسا ۽ ڊيزل هڪ رپيو 16 پئسا في ليٽر مهانگو
پيٽرول جي نئين قيمت 325 رپيا 43 پئسا في ليٽر مقرر ڪئي وئي
ڊيزل جي نئين قيمت 383 رپيا 95 پئسا في ليٽر مقرر، نوٽيفڪيشن جاري
اسلام آباد (ويب ڊيسڪ) وفاقي حڪومت پيٽرول جي قيمت ۾ 45 پئسا ۽ ڊيزل جي قيمت ۾ هڪ رپيو 16 پئسا في ليٽر واڌ جو اعلان ڪيو آهي. فنانس ڊويزن پاران جاري ڪيل نوٽيفڪيشن مطابق نيون قيمتون سڀاڻي کان لاڳو ٿينديون. اسلام آباد (ويب ڊيسڪ) وفاقي حڪومت پيٽرول جي قيمت ۾ 45 پئسا ۽ ڊيزل جي قيمت ۾ هڪ رپيو 16 پئسا في ليٽر واڌ جو اعلان ڪيو آهي. فنانس ڊويزن پاران جاري ڪيل نوٽيفڪيشن مطابق نيون قيمتون سڀاڻي کان لاڳو ٿينديون. اسلام آباد (ويب ڊيسڪ) وفاقي حڪومت پيٽرول جي قيمت ۾ 45 پئسا ۽ ڊيزل جي قيمت ۾ هڪ رپيو 16 پئسا في ليٽر واڌ جو اعلان ڪيو آهي. فنانس ڊويزن پاران جاري ڪيل نوٽيفڪيشن مطابق نيون قيمتون سڀاڻي کان لاڳو ٿينديون. اسلام آباد (ويب ڊيسڪ) وفاقي حڪومت پيٽرول جي قيمت ۾ 45 پئسا ۽ ڊيزل جي قيمت ۾ هڪ رپيو 16 پئسا في ليٽر واڌ جو اعلان ڪيو آهي. فنانس ڊويزن پاران جاري ڪيل نوٽيفڪيشن مطابق نيون قيمتون سڀاڻي کان لاڳو ٿينديون.
سنڌ بار ڪائونسل طرفان ”سنڌ ايڪشن ڪميٽي“ ٺاهي جو اعلان
سنڌ جي درياهن کي بچائڻ لاءِ وڪيل ميدان ۾ لهندا
اسلام آباد (ويب ڊيسڪ) وفاقي حڪومت پيٽرول جي قيمت ۾ 45 پئسا ۽ ڊيزل جي قيمت ۾ هڪ رپيو 16 پئسا في ليٽر واڌ جو اعلان ڪيو آهي. فنانس ڊويزن پاران جاري ڪيل نوٽيفڪيشن مطابق نيون قيمتون سڀاڻي کان لاڳو ٿينديون. اسلام آباد (ويب ڊيسڪ) وفاقي حڪومت پيٽرول جي قيمت ۾ 45 پئسا ۽ ڊيزل جي قيمت ۾ هڪ رپيو 16 پئسا في ليٽر واڌ جو اعلان ڪيو آهي. فنانس ڊويزن پاران جاري ڪيل نوٽيفڪيشن مطابق نيون قيمتون سڀاڻي کان لاڳو ٿينديون. اسلام آباد (ويب ڊيسڪ) وفاقي حڪومت پيٽرول جي قيمت ۾ 45 پئسا ۽ ڊيزل جي قيمت ۾ هڪ رپيو 16 پئسا في ليٽر واڌ جو اعلان ڪيو آهي. فنانس ڊويزن پاران جاري ڪيل نوٽيفڪيشن مطابق نيون قيمتون سڀاڻي کان لاڳو ٿينديون. اسلام آباد (ويب ڊيسڪ) وفاقي حڪومت پيٽرول جي قيمت ۾ 45 پئسا ۽ ڊيزل جي قيمت ۾ هڪ رپيو 16 پئسا في ليٽر واڌ جو اعلان ڪيو آهي. فنانس ڊويزن پاران جاري ڪيل نوٽيفڪيشن مطابق نيون قيمتون سڀاڻي کان لاڳو ٿينديون. اسلام آباد (ويب ڊيسڪ) وفاقي حڪومت پيٽرول جي قيمت ۾ 45 پئسا ۽ ڊيزل جي قيمت ۾ هڪ رپيو 16 پئسا في ليٽر واڌ جو اعلان ڪيو آهي. فنانس ڊويزن پاران جاري ڪيل نوٽيفڪيشن مطابق نيون قيمتون سڀاڻي کان لاڳو ٿينديون. اسلام آباد (ويب ڊيسڪ) وفاقي حڪومت پيٽرول جي قيمت ۾ 45 پئسا ۽ ڊيزل جي قيمت ۾ هڪ رپيو 16 پئسا في ليٽر واڌ جو اعلان ڪيو آهي. فنانس ڊويزن پاران جاري ڪيل نوٽيفڪيشن مطابق نيون قيمتون سڀاڻي کان لاڳو ٿينديون. اسلام آباد (ويب ڊيسڪ) وفاقي حڪومت پيٽرول جي قيمت ۾ 45 پئسا ۽ ڊيزل جي قيمت ۾ هڪ رپيو 16 پئسا في ليٽر واڌ جو اعلان ڪيو آهي. فنانس ڊويزن پاران جاري ڪيل نوٽيفڪيشن مطابق نيون قيمتون سڀاڻي کان لاڳو ٿينديون.
وزيراعظم
اسلام آباد (ويب ڊيسڪ) وفاقي حڪومت پيٽرول جي قيمت ۾ 45 پئسا ۽ ڊيزل جي قيمت ۾ هڪ رپيو 16 پئسا في ليٽر واڌ جو اعلان ڪيو آهي. فنانس ڊويزن پاران جاري ڪيل نوٽيفڪيشن مطابق نيون قيمتون سڀاڻي کان لاڳو ٿينديون. اسلام آباد (ويب ڊيسڪ) وفاقي حڪومت پيٽرول جي قيمت ۾ 45 پئسا ۽ ڊيزل جي قيمت ۾ هڪ رپيو 16 پئسا في ليٽر واڌ جو اعلان ڪيو آهي. فنانس ڊويزن پاران جاري ڪيل نوٽيفڪيشن مطابق نيون قيمتون سڀاڻي کان لاڳو ٿينديون. اسلام آباد (ويب ڊيسڪ) وفاقي حڪومت پيٽرول جي قيمت ۾ 45 پئسا ۽ ڊيزل جي قيمت ۾ هڪ رپيو 16 پئسا في ليٽر واڌ جو اعلان ڪيو آهي. فنانس ڊويزن پاران جاري ڪيل نوٽيفڪيشن مطابق نيون قيمتون سڀاڻي کان لاڳو ٿينديون. اسلام آباد (ويب ڊيسڪ) وفاقي حڪومت پيٽرول جي قيمت ۾ 45 پئسا ۽ ڊيزل جي قيمت ۾ هڪ رپيو 16 پئسا في ليٽر واڌ جو اعلان ڪيو آهي. فنانس ڊويزن پاران جاري ڪيل نوٽيفڪيشن مطابق نيون قيمتون سڀاڻي کان لاڳو ٿينديون.
غلام رسول ۽ عورتن جي گهرن تي ڪرڏن بابت احتجاج
اسلام آباد (ويب ڊيسڪ) وفاقي حڪومت پيٽرول جي قيمت ۾ 45 پئسا ۽ ڊيزل جي قيمت ۾ هڪ رپيو 16 پئسا في ليٽر واڌ جو اعلان ڪيو آهي. فنانس ڊويزن پاران جاري ڪيل نوٽيفڪيشن مطابق نيون قيمتون سڀاڻي کان لاڳو ٿينديون. اسلام آباد (ويب ڊيسڪ) وفاقي حڪومت پيٽرول جي قيمت ۾ 45 پئسا ۽ ڊيزل جي قيمت ۾ هڪ رپيو 16 پئسا في ليٽر واڌ جو اعلان ڪيو آهي. فنانس ڊويزن پاران جاري ڪيل نوٽيفڪيشن مطابق نيون قيمتون سڀاڻي کان لاڳو ٿينديون. اسلام آباد (ويب ڊيسڪ) وفاقي حڪومت پيٽرول جي قيمت ۾ 45 پئسا ۽ ڊيزل جي قيمت ۾ هڪ رپيو 16 پئسا في ليٽر واڌ جو اعلان ڪيو آهي. فنانس ڊويزن پاران جاري ڪيل نوٽيفڪيشن مطابق نيون قيمتون سڀاڻي کان لاڳو ٿينديون.
پ پ جي رهنما
اسلام آباد (ويب ڊيسڪ) وفاقي حڪومت پيٽرول جي قيمت ۾ 45 پئسا ۽ ڊيزل جي قيمت ۾ هڪ رپيو 16 پئسا في ليٽر واڌ جو اعلان ڪيو آهي. فنانس ڊويزن پاران جاري ڪيل نوٽيفڪيشن مطابق نيون قيمتون سڀاڻي کان لاڳو ٿينديون. اسلام آباد (ويب ڊيسڪ) وفاقي حڪومت پيٽرول جي قيمت ۾ 45 پئسا ۽ ڊيزل جي قيمت ۾ هڪ رپيو 16 پئسا في ليٽر واڌ جو اعلان ڪيو آهي. فنانس ڊويزن پاران جاري ڪيل نوٽيفڪيشن مطابق نيون قيمتون سڀاڻي کان لاڳو ٿينديون. اسلام آباد (ويب ڊيسڪ) وفاقي حڪومت پيٽرول جي قيمت ۾ 45 پئسا ۽ ڊيزل جي قيمت ۾ هڪ رپيو 16 پئسا في ليٽر واڌ جو اعلان ڪيو آهي. فنانس ڊويزن پاران جاري ڪيل نوٽيفڪيشن مطابق نيون قيمتون سڀاڻي کان لاڳو ٿينديون. اسلام آباد (ويب ڊيسڪ) وفاقي حڪومت پيٽرول جي قيمت ۾ 45 پئسا ۽ ڊيزل جي قيمت ۾ هڪ رپيو 16 پئسا في ليٽر واڌ جو اعلان ڪيو آهي. فنانس ڊويزن پاران جاري ڪيل نوٽيفڪيشن مطابق نيون قيمتون سڀاڻي کان لاڳو ٿينديون.
شهيد بينظير ڀٽو جي ورسي ملهائڻ جي تيارين جو جائزو
اسلام آباد (ويب ڊيسڪ) وفاقي حڪومت پيٽرول جي قيمت ۾ 45 پئسا ۽ ڊيزل جي قيمت ۾ هڪ رپيو 16 پئسا في ليٽر واڌ جو اعلان ڪيو آهي. فنانس ڊويزن پاران جاري ڪيل نوٽيفڪيشن مطابق نيون قيمتون سڀاڻي کان لاڳو ٿينديون. اسلام آباد (ويب ڊيسڪ) وفاقي حڪومت پيٽرول جي قيمت ۾ 45 پئسا ۽ ڊيزل جي قيمت ۾ هڪ رپيو 16 پئسا في ليٽر واڌ جو اعلان ڪيو آهي. فنانس ڊويزن پاران جاري ڪيل نوٽيفڪيشن مطابق نيون قيمتون سڀاڻي کان لاڳو ٿينديون. اسلام آباد (ويب ڊيسڪ) وفاقي حڪومت پيٽرول جي قيمت ۾ 45 پئسا ۽ ڊيزل جي قيمت ۾ هڪ رپيو 16 پئسا في ليٽر واڌ جو اعلان ڪيو آهي. فنانس ڊويزن پاران جاري ڪيل نوٽيفڪيشن مطابق نيون قيمتون سڀاڻي کان لاڳو ٿينديون. اسلام آباد (ويب ڊيسڪ) وفاقي حڪومت پيٽرول جي قيمت ۾ 45 پئسا ۽ ڊيزل جي قيمت ۾ هڪ رپيو 16 پئسا في ليٽر واڌ جو اعلان ڪيو آهي. فنانس ڊويزن پاران جاري ڪيل نوٽيفڪيشن مطابق نيون قيمتون سڀاڻي کان لاڳو ٿينديون. اسلام آباد (ويب ڊيسڪ) وفاقي حڪومت پيٽرول جي قيمت ۾ 45 پئسا ۽ ڊيزل جي قيمت ۾ هڪ رپيو 16 پئسا في ليٽر واڌ جو اعلان ڪيو آهي. فنانس ڊويزن پاران جاري ڪيل نوٽيفڪيشن مطابق نيون قيمتون سڀاڻي کان لاڳو ٿينديون. اسلام آباد (ويب ڊيسڪ) وفاقي حڪومت پيٽرول جي قيمت ۾ 45 پئسا ۽ ڊيزل جي قيمت ۾ هڪ رپيو 16 پئسا في ليٽر واڌ جو اعلان ڪيو آهي. فنانس ڊويزن پاران جاري ڪيل نوٽيفڪيشن مطابق نيون قيمتون سڀاڻي کان لاڳو ٿينديون. اسلام آباد (ويب ڊيسڪ) وفاقي حڪومت پيٽرول جي قيمت ۾ 45 پئسا ۽ ڊيزل جي قيمت ۾ هڪ رپيو 16 پئسا في ليٽر واڌ جو اعلان ڪيو آهي. فنانس ڊويزن پاران جاري ڪيل نوٽيفڪيشن مطابق نيون قيمتون سڀاڻي کان لاڳو ٿينديون. اسلام آباد (ويب ڊيسڪ) وفاقي حڪومت پيٽرول جي قيمت ۾ 45 پئسا ۽ ڊيزل جي قيمت ۾ هڪ رپيو 16 پئسا في ليٽر واڌ جو اعلان ڪيو آهي. فنانس ڊويزن پاران جاري ڪيل نوٽيفڪيشن مطابق نيون قيمتون سڀاڻي کان لاڳو ٿينديون. اسلام آباد (ويب ڊيسڪ) وفاقي حڪومت پيٽرول جي قيمت ۾ 45 پئسا ۽ ڊيزل جي قيمت ۾ هڪ رپيو 16 پئسا في ليٽر واڌ جو اعلان ڪيو آهي. فنانس ڊويزن پاران جاري ڪيل نوٽيفڪيشن مطابق نيون قيمتون سڀاڻي کان لاڳو ٿينديون. اسلام آباد (ويب ڊيسڪ) وفاقي حڪومت پيٽرول جي قيمت ۾ 45 پئسا ۽ ڊيزل جي قيمت ۾ هڪ رپيو 16 پئسا في ليٽر واڌ جو اعلان ڪيو آهي. فنانس ڊويزن پاران جاري ڪيل نوٽيفڪيشن مطابق نيون قيمتون سڀاڻي کان لاڳو ٿينديون.
